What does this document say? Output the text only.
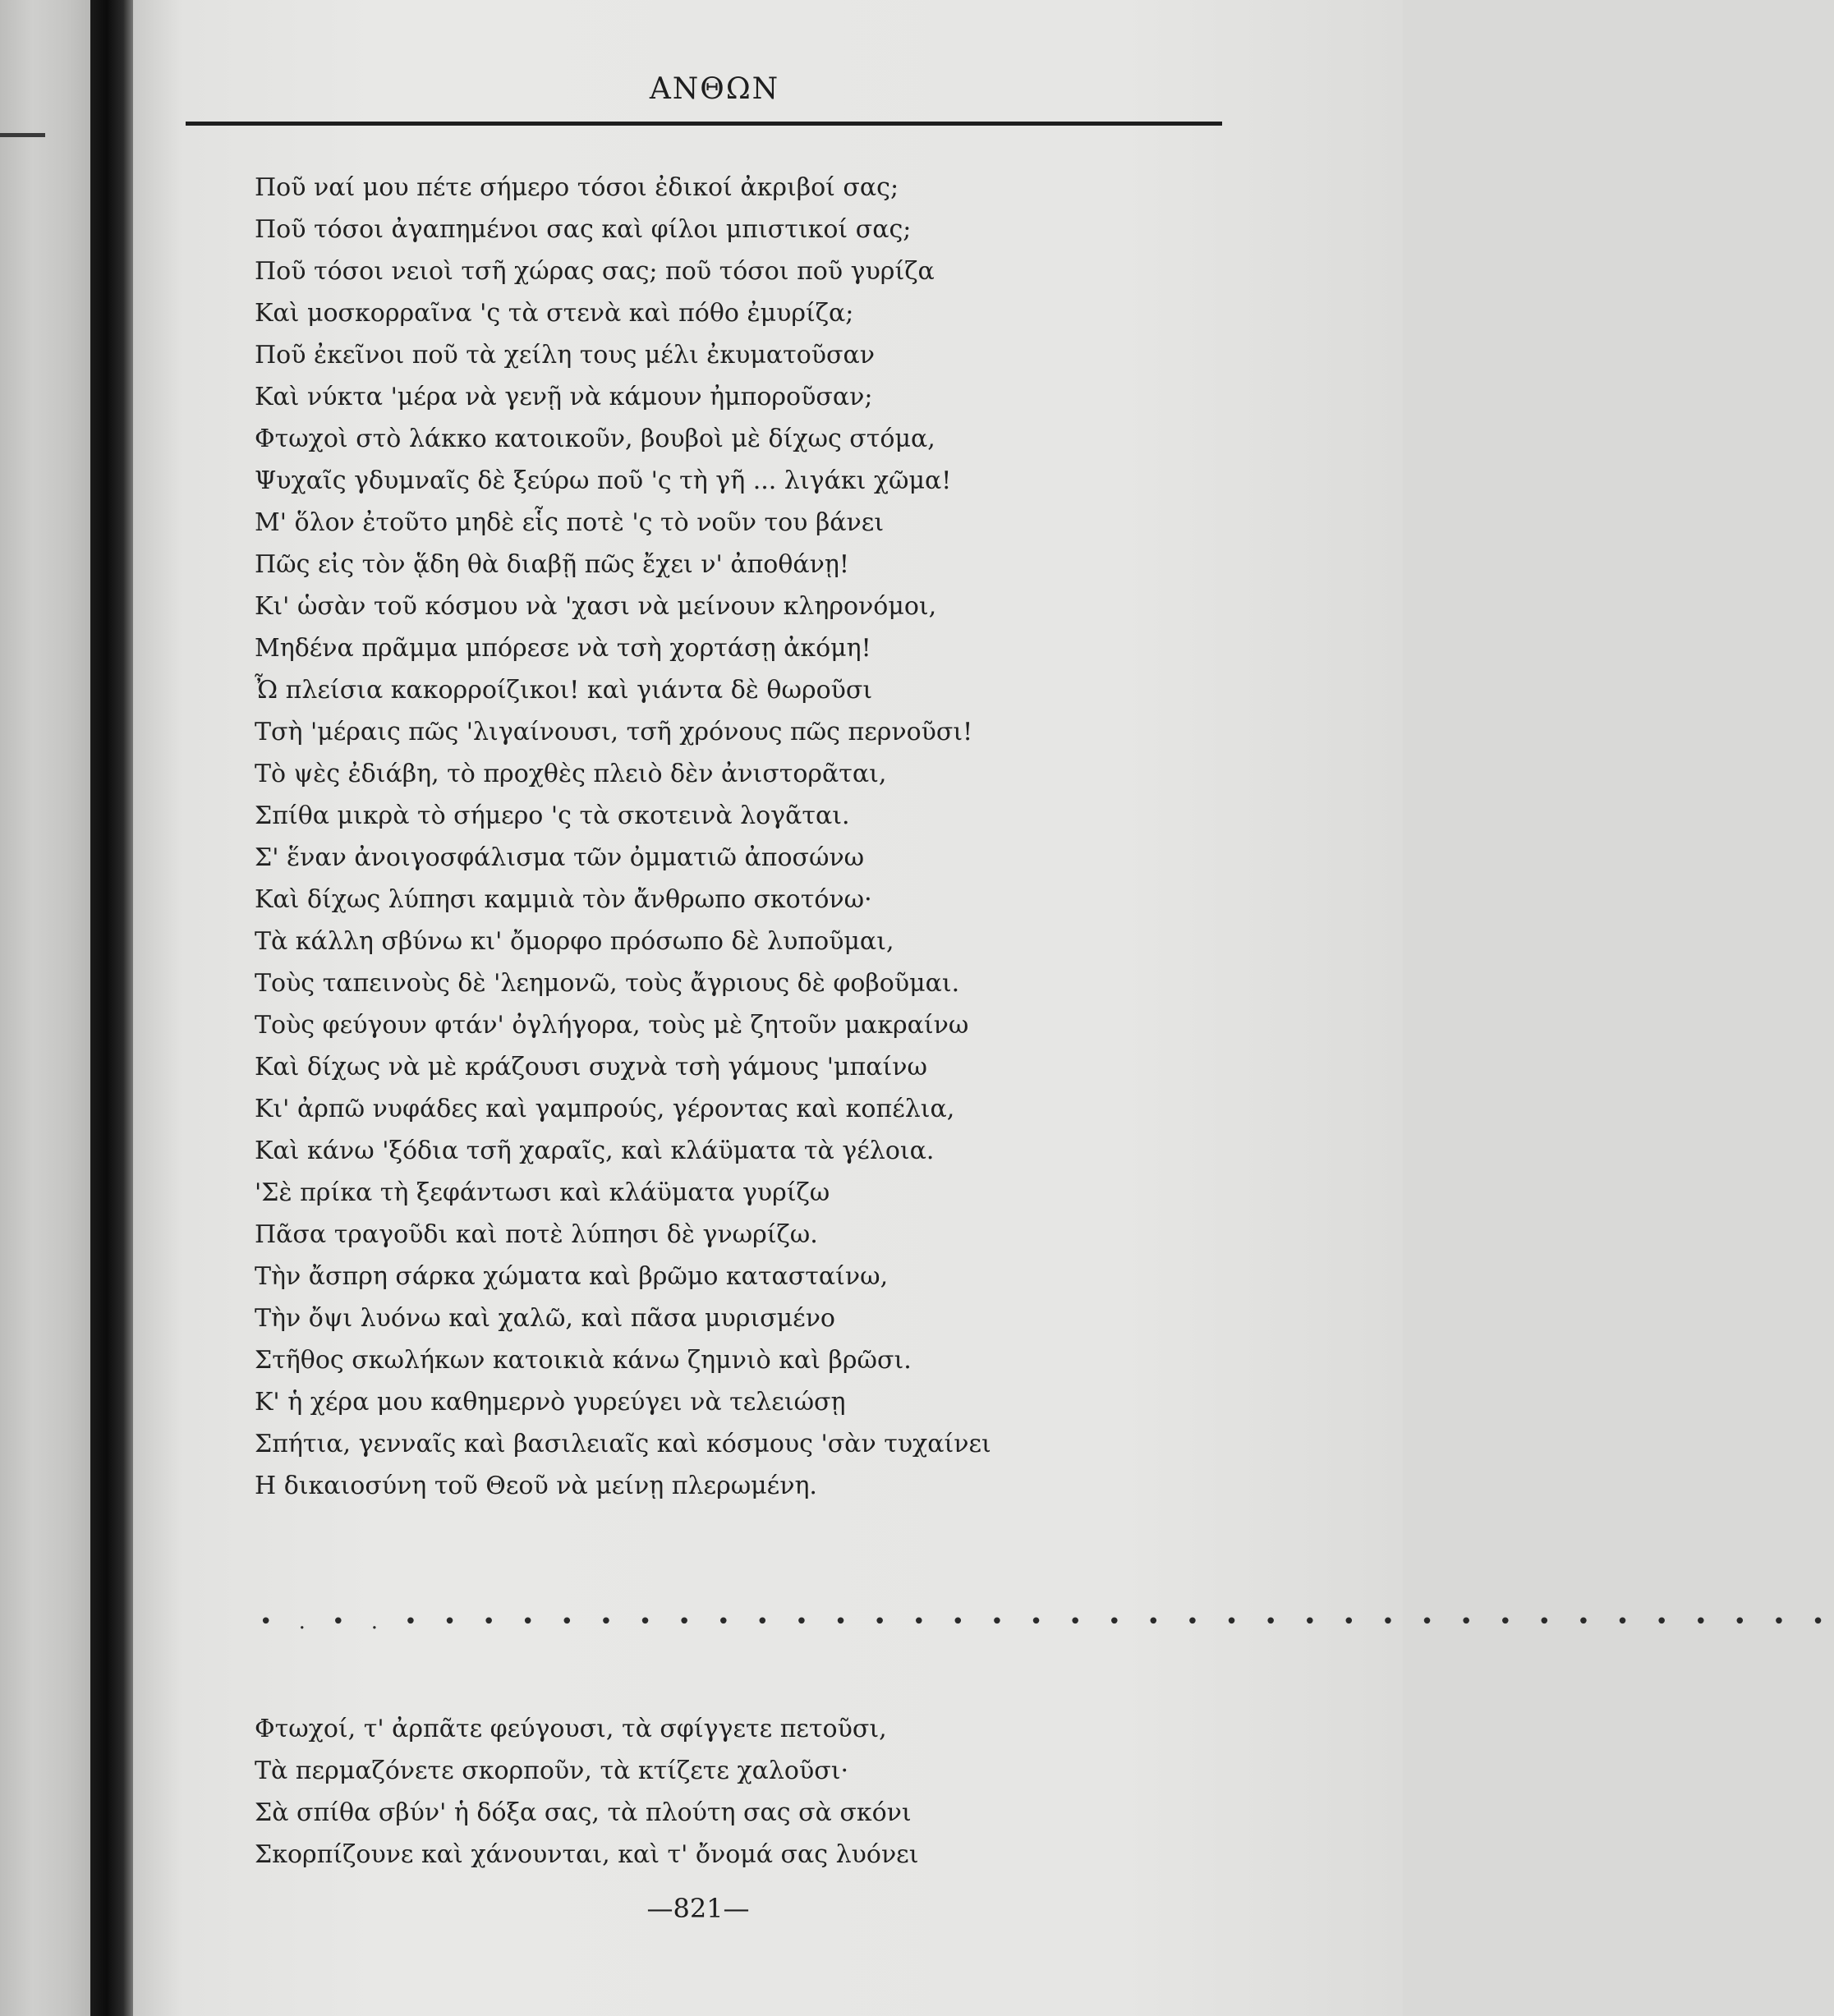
ΑΝΘΩΝ
Ποῦ ναί μου πέτε σήμερο τόσοι ἐδικοί ἀκριβοί σας;
Ποῦ τόσοι ἀγαπημένοι σας καὶ φίλοι μπιστικοί σας;
Ποῦ τόσοι νειοὶ τσῆ χώρας σας; ποῦ τόσοι ποῦ γυρίζα
Καὶ μοσκορραῖνα 'ς τὰ στενὰ καὶ πόθο ἐμυρίζα;
Ποῦ ἐκεῖνοι ποῦ τὰ χείλη τους μέλι ἐκυματοῦσαν
Καὶ νύκτα 'μέρα νὰ γενῇ νὰ κάμουν ἠμποροῦσαν;
Φτωχοὶ στὸ λάκκο κατοικοῦν, βουβοὶ μὲ δίχως στόμα,
Ψυχαῖς γδυμναῖς δὲ ξεύρω ποῦ 'ς τὴ γῆ ... λιγάκι χῶμα!
Μ' ὅλον ἐτοῦτο μηδὲ εἷς ποτὲ 'ς τὸ νοῦν του βάνει
Πῶς εἰς τὸν ᾅδη θὰ διαβῇ πῶς ἔχει ν' ἀποθάνῃ!
Κι' ὡσὰν τοῦ κόσμου νὰ 'χασι νὰ μείνουν κληρονόμοι,
Μηδένα πρᾶμμα μπόρεσε νὰ τσὴ χορτάσῃ ἀκόμη!
Ὦ πλείσια κακορροίζικοι! καὶ γιάντα δὲ θωροῦσι
Τσὴ 'μέραις πῶς 'λιγαίνουσι, τσῆ χρόνους πῶς περνοῦσι!
Τὸ ψὲς ἐδιάβη, τὸ προχθὲς πλειὸ δὲν ἀνιστορᾶται,
Σπίθα μικρὰ τὸ σήμερο 'ς τὰ σκοτεινὰ λογᾶται.
Σ' ἕναν ἀνοιγοσφάλισμα τῶν ὀμματιῶ ἀποσώνω
Καὶ δίχως λύπησι καμμιὰ τὸν ἄνθρωπο σκοτόνω·
Τὰ κάλλη σβύνω κι' ὄμορφο πρόσωπο δὲ λυποῦμαι,
Τοὺς ταπεινοὺς δὲ 'λεημονῶ, τοὺς ἄγριους δὲ φοβοῦμαι.
Τοὺς φεύγουν φτάν' ὀγλήγορα, τοὺς μὲ ζητοῦν μακραίνω
Καὶ δίχως νὰ μὲ κράζουσι συχνὰ τσὴ γάμους 'μπαίνω
Κι' ἀρπῶ νυφάδες καὶ γαμπρούς, γέροντας καὶ κοπέλια,
Καὶ κάνω 'ξόδια τσῆ χαραῖς, καὶ κλάϋματα τὰ γέλοια.
'Σὲ πρίκα τὴ ξεφάντωσι καὶ κλάϋματα γυρίζω
Πᾶσα τραγοῦδι καὶ ποτὲ λύπησι δὲ γνωρίζω.
Τὴν ἄσπρη σάρκα χώματα καὶ βρῶμο κατασταίνω,
Τὴν ὄψι λυόνω καὶ χαλῶ, καὶ πᾶσα μυρισμένο
Στῆθος σκωλήκων κατοικιὰ κάνω ζημνιὸ καὶ βρῶσι.
Κ' ἡ χέρα μου καθημερνὸ γυρεύγει νὰ τελειώσῃ
Σπήτια, γενναῖς καὶ βασιλειαῖς καὶ κόσμους 'σὰν τυχαίνει
Η δικαιοσύνη τοῦ Θεοῦ νὰ μείνῃ πλερωμένη.
• . • . • • • • • • • • • • • • • • • • • • • • • • • • • • • • • • • • • • • • •
Φτωχοί, τ' ἀρπᾶτε φεύγουσι, τὰ σφίγγετε πετοῦσι,
Τὰ περμαζόνετε σκορποῦν, τὰ κτίζετε χαλοῦσι·
Σὰ σπίθα σβύν' ἡ δόξα σας, τὰ πλούτη σας σὰ σκόνι
Σκορπίζουνε καὶ χάνουνται, καὶ τ' ὄνομά σας λυόνει
—821—
